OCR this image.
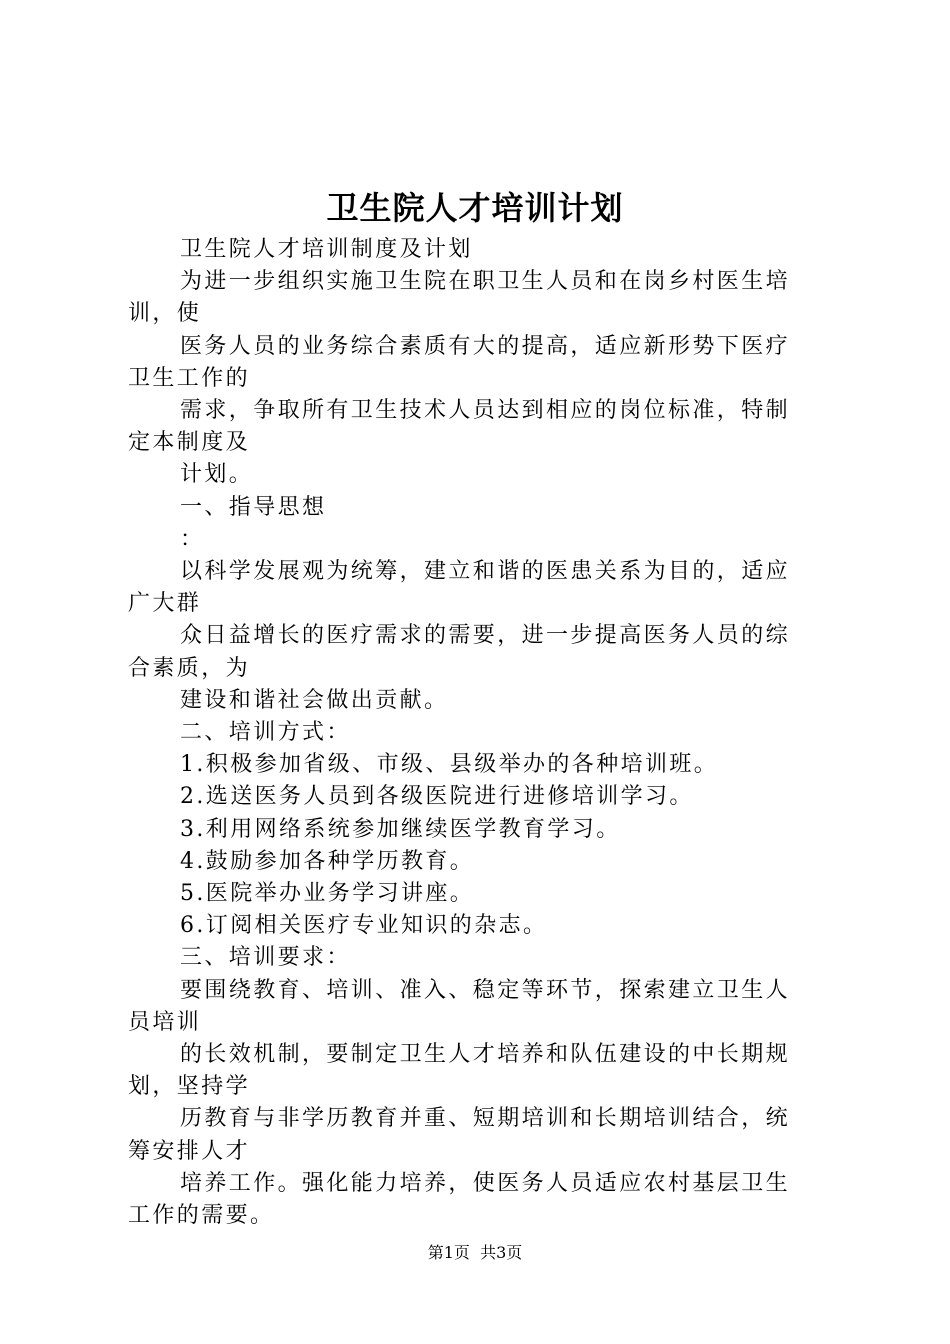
卫生院人才培训计划

卫生院人才培训制度及计划

为进一步组织实施卫生院在职卫生人员和在岗乡村医生培
训，使

医务人员的业务综合素质有大的提高，适应新形势下医疗
卫生工作的

需求，争取所有卫生技术人员达到相应的岗位标准，特制
定本制度及

计划。

一、指导思想

：

以科学发展观为统筹，建立和谐的医患关系为目的，适应
广大群

众日益增长的医疗需求的需要，进一步提高医务人员的综
合素质，为

建设和谐社会做出贡献。

二、培训方式：

1.积极参加省级、市级、县级举办的各种培训班。

2.选送医务人员到各级医院进行进修培训学习。

3.利用网络系统参加继续医学教育学习。

4.鼓励参加各种学历教育。

5.医院举办业务学习讲座。

6.订阅相关医疗专业知识的杂志。

三、培训要求：

要围绕教育、培训、准入、稳定等环节，探索建立卫生人
员培训

的长效机制，要制定卫生人才培养和队伍建设的中长期规
划，坚持学

历教育与非学历教育并重、短期培训和长期培训结合，统
筹安排人才

培养工作。强化能力培养，使医务人员适应农村基层卫生
工作的需要。

第1页 共3页
